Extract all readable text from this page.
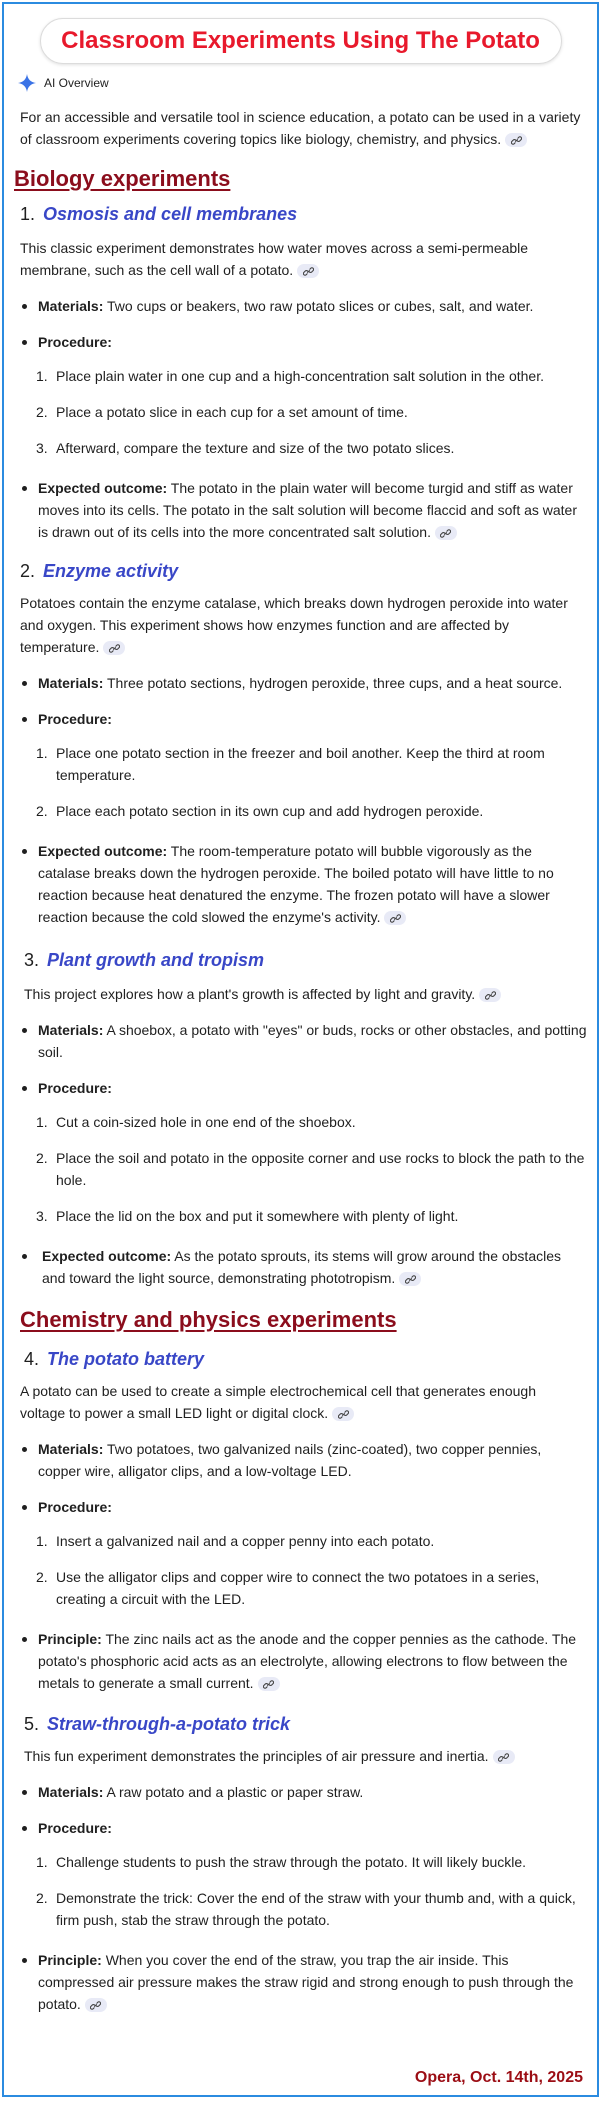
Classroom Experiments Using The Potato
AI Overview

For an accessible and versatile tool in science education, a potato can be used in a variety of classroom experiments covering topics like biology, chemistry, and physics.

Biology experiments
1. Osmosis and cell membranes

This classic experiment demonstrates how water moves across a semi-permeable membrane, such as the cell wall of a potato.

Materials: Two cups or beakers, two raw potato slices or cubes, salt, and water.
Procedure:
1. Place plain water in one cup and a high-concentration salt solution in the other.
2. Place a potato slice in each cup for a set amount of time.
3. Afterward, compare the texture and size of the two potato slices.
Expected outcome: The potato in the plain water will become turgid and stiff as water moves into its cells. The potato in the salt solution will become flaccid and soft as water is drawn out of its cells into the more concentrated salt solution.
2. Enzyme activity

Potatoes contain the enzyme catalase, which breaks down hydrogen peroxide into water and oxygen. This experiment shows how enzymes function and are affected by temperature.

Materials: Three potato sections, hydrogen peroxide, three cups, and a heat source.
Procedure:
1. Place one potato section in the freezer and boil another. Keep the third at room temperature.
2. Place each potato section in its own cup and add hydrogen peroxide.
Expected outcome: The room-temperature potato will bubble vigorously as the catalase breaks down the hydrogen peroxide. The boiled potato will have little to no reaction because heat denatured the enzyme. The frozen potato will have a slower reaction because the cold slowed the enzyme's activity.
3. Plant growth and tropism

This project explores how a plant's growth is affected by light and gravity.

Materials: A shoebox, a potato with "eyes" or buds, rocks or other obstacles, and potting soil.
Procedure:
1. Cut a coin-sized hole in one end of the shoebox.
2. Place the soil and potato in the opposite corner and use rocks to block the path to the hole.
3. Place the lid on the box and put it somewhere with plenty of light.
Expected outcome: As the potato sprouts, its stems will grow around the obstacles and toward the light source, demonstrating phototropism.
Chemistry and physics experiments
4. The potato battery

A potato can be used to create a simple electrochemical cell that generates enough voltage to power a small LED light or digital clock.

Materials: Two potatoes, two galvanized nails (zinc-coated), two copper pennies, copper wire, alligator clips, and a low-voltage LED.
Procedure:
1. Insert a galvanized nail and a copper penny into each potato.
2. Use the alligator clips and copper wire to connect the two potatoes in a series, creating a circuit with the LED.
Principle: The zinc nails act as the anode and the copper pennies as the cathode. The potato's phosphoric acid acts as an electrolyte, allowing electrons to flow between the metals to generate a small current.
5. Straw-through-a-potato trick

This fun experiment demonstrates the principles of air pressure and inertia.

Materials: A raw potato and a plastic or paper straw.
Procedure:
1. Challenge students to push the straw through the potato. It will likely buckle.
2. Demonstrate the trick: Cover the end of the straw with your thumb and, with a quick, firm push, stab the straw through the potato.
Principle: When you cover the end of the straw, you trap the air inside. This compressed air pressure makes the straw rigid and strong enough to push through the potato.
Opera, Oct. 14th, 2025
